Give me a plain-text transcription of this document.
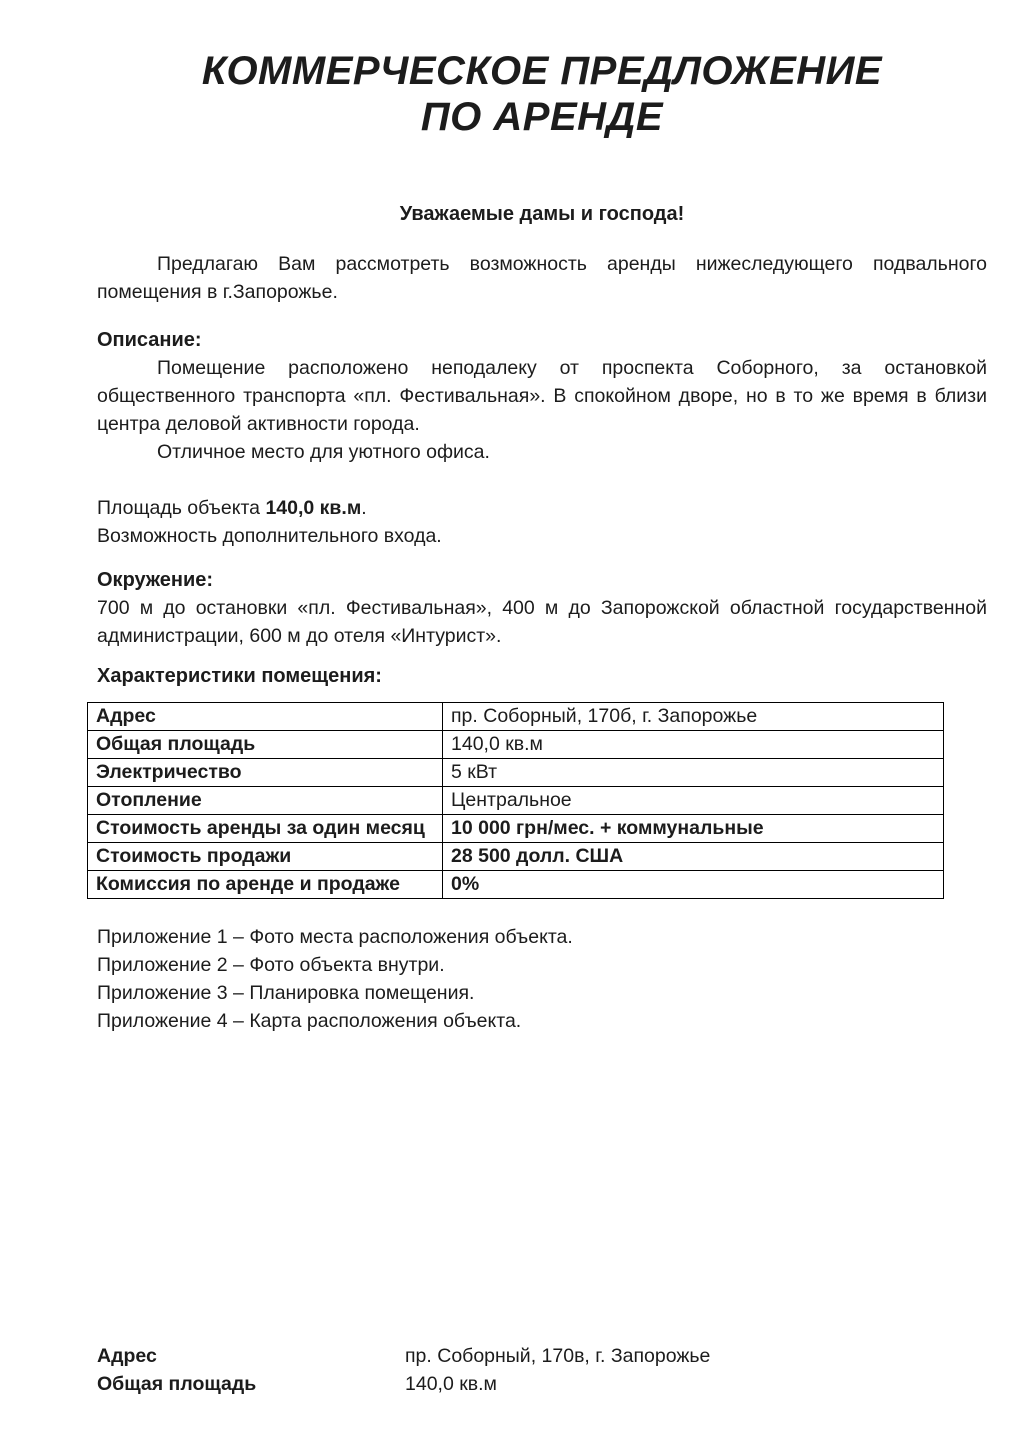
КОММЕРЧЕСКОЕ ПРЕДЛОЖЕНИЕ
ПО АРЕНДЕ
Уважаемые дамы и господа!
Предлагаю Вам рассмотреть возможность аренды нижеследующего подвального помещения в г.Запорожье.
Описание:
Помещение расположено неподалеку от проспекта Соборного, за остановкой общественного транспорта «пл. Фестивальная». В спокойном дворе, но в то же время в близи центра деловой активности города.
Отличное место для уютного офиса.
Площадь объекта 140,0 кв.м.
Возможность дополнительного входа.
Окружение:
700 м до остановки «пл. Фестивальная», 400 м до Запорожской областной государственной администрации, 600 м до отеля «Интурист».
Характеристики помещения:
Адрес	пр. Соборный, 170б, г. Запорожье
Общая площадь	140,0 кв.м
Электричество	5 кВт
Отопление	Центральное
Стоимость аренды за один месяц	10 000 грн/мес. + коммунальные
Стоимость продажи	28 500 долл. США
Комиссия по аренде и продаже	0%
Приложение 1 – Фото места расположения объекта.
Приложение 2 – Фото объекта внутри.
Приложение 3 – Планировка помещения.
Приложение 4 – Карта расположения объекта.
Адрес	пр. Соборный, 170в, г. Запорожье
Общая площадь	140,0 кв.м
